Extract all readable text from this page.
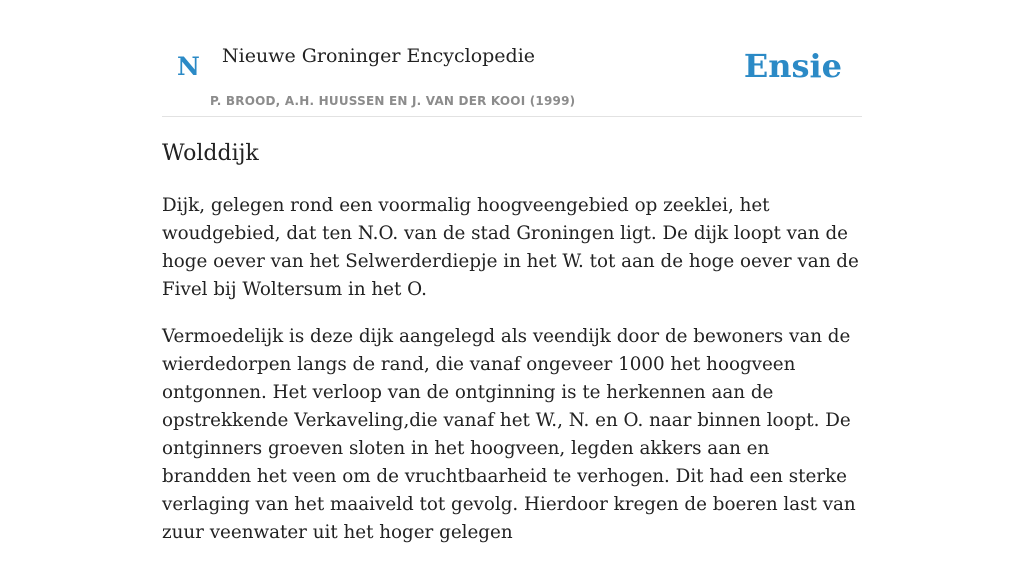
N Nieuwe Groninger Encyclopedie
P. BROOD, A.H. HUUSSEN EN J. VAN DER KOOI (1999)
Ensie
Wolddijk

Dijk, gelegen rond een voormalig hoogveengebied op zeeklei, het woudgebied, dat ten N.O. van de stad Groningen ligt. De dijk loopt van de hoge oever van het Selwerderdiepje in het W. tot aan de hoge oever van de Fivel bij Woltersum in het O.

Vermoedelijk is deze dijk aangelegd als veendijk door de bewoners van de wierdedorpen langs de rand, die vanaf ongeveer 1000 het hoogveen ontgonnen. Het verloop van de ontginning is te herkennen aan de opstrekkende Verkaveling,die vanaf het W., N. en O. naar binnen loopt. De ontginners groeven sloten in het hoogveen, legden akkers aan en brandden het veen om de vruchtbaarheid te verhogen. Dit had een sterke verlaging van het maaiveld tot gevolg. Hierdoor kregen de boeren last van zuur veenwater uit het hoger gelegen
